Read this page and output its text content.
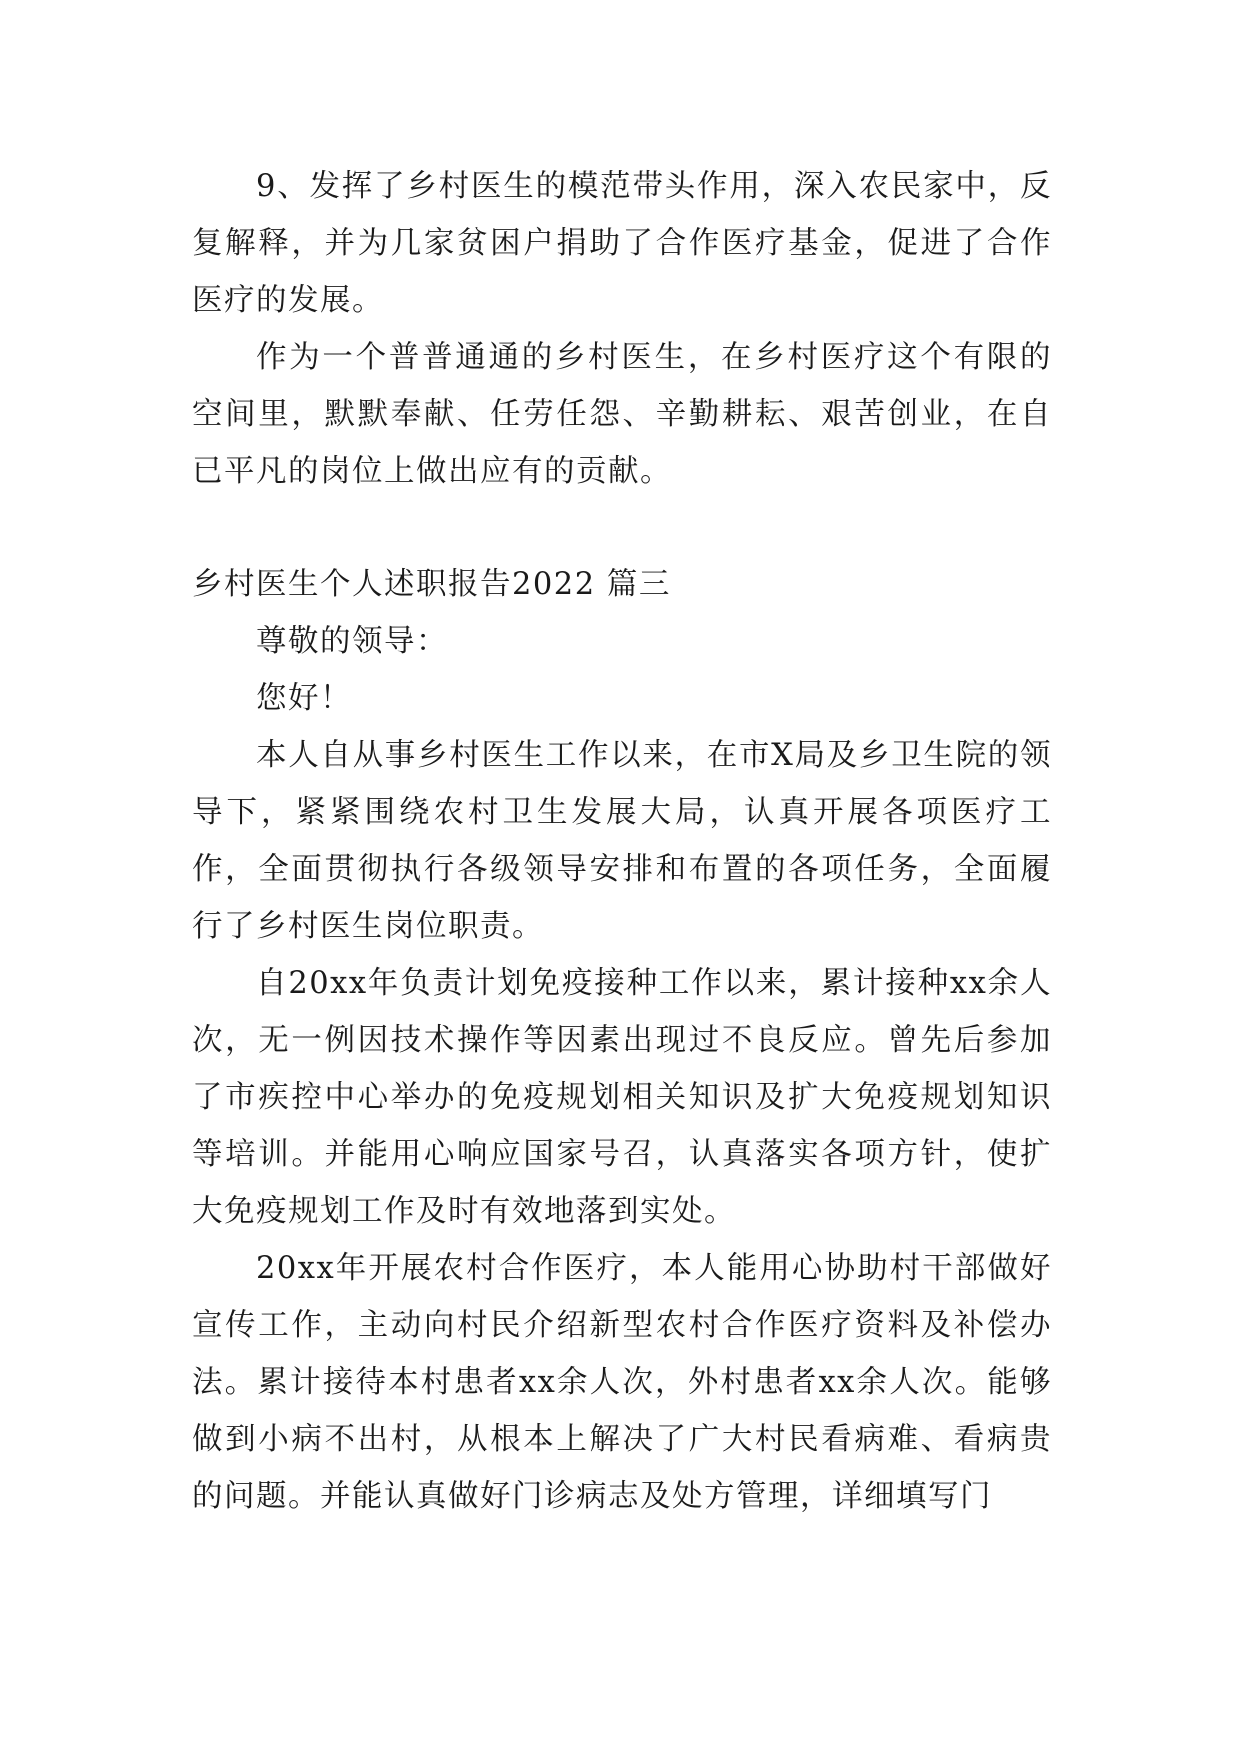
9、发挥了乡村医生的模范带头作用，深入农民家中，反复解释，并为几家贫困户捐助了合作医疗基金，促进了合作医疗的发展。

作为一个普普通通的乡村医生，在乡村医疗这个有限的空间里，默默奉献、任劳任怨、辛勤耕耘、艰苦创业，在自已平凡的岗位上做出应有的贡献。

乡村医生个人述职报告2022 篇三

尊敬的领导：

您好！

本人自从事乡村医生工作以来，在市X局及乡卫生院的领导下，紧紧围绕农村卫生发展大局，认真开展各项医疗工作，全面贯彻执行各级领导安排和布置的各项任务，全面履行了乡村医生岗位职责。

自20xx年负责计划免疫接种工作以来，累计接种xx余人次，无一例因技术操作等因素出现过不良反应。曾先后参加了市疾控中心举办的免疫规划相关知识及扩大免疫规划知识等培训。并能用心响应国家号召，认真落实各项方针，使扩大免疫规划工作及时有效地落到实处。

20xx年开展农村合作医疗，本人能用心协助村干部做好宣传工作，主动向村民介绍新型农村合作医疗资料及补偿办法。累计接待本村患者xx余人次，外村患者xx余人次。能够做到小病不出村，从根本上解决了广大村民看病难、看病贵的问题。并能认真做好门诊病志及处方管理，详细填写门
